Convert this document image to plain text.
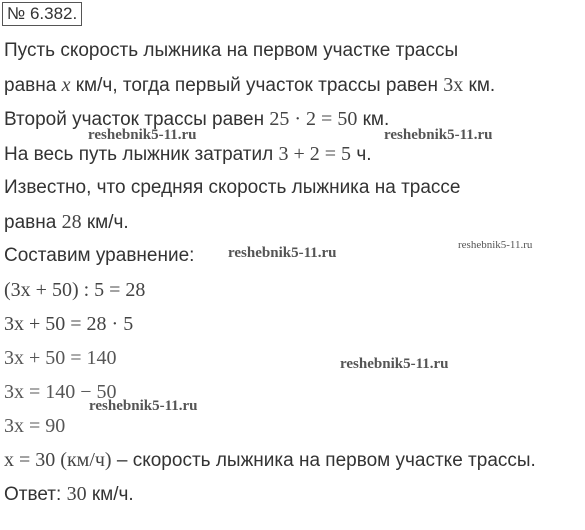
№ 6.382.
Пусть скорость лыжника на первом участке трассы
равна x км/ч, тогда первый участок трассы равен 3x км.
Второй участок трассы равен 25 · 2 = 50 км.
На весь путь лыжник затратил 3 + 2 = 5 ч.
Известно, что средняя скорость лыжника на трассе
равна 28 км/ч.
Составим уравнение:
(3x + 50) : 5 = 28
3x + 50 = 28 · 5
3x + 50 = 140
3x = 140 − 50
3x = 90
x = 30 (км/ч) – скорость лыжника на первом участке трассы.
Ответ: 30 км/ч.
reshebnik5-11.ru	reshebnik5-11.ru
reshebnik5-11.ru	reshebnik5-11.ru
reshebnik5-11.ru
reshebnik5-11.ru
